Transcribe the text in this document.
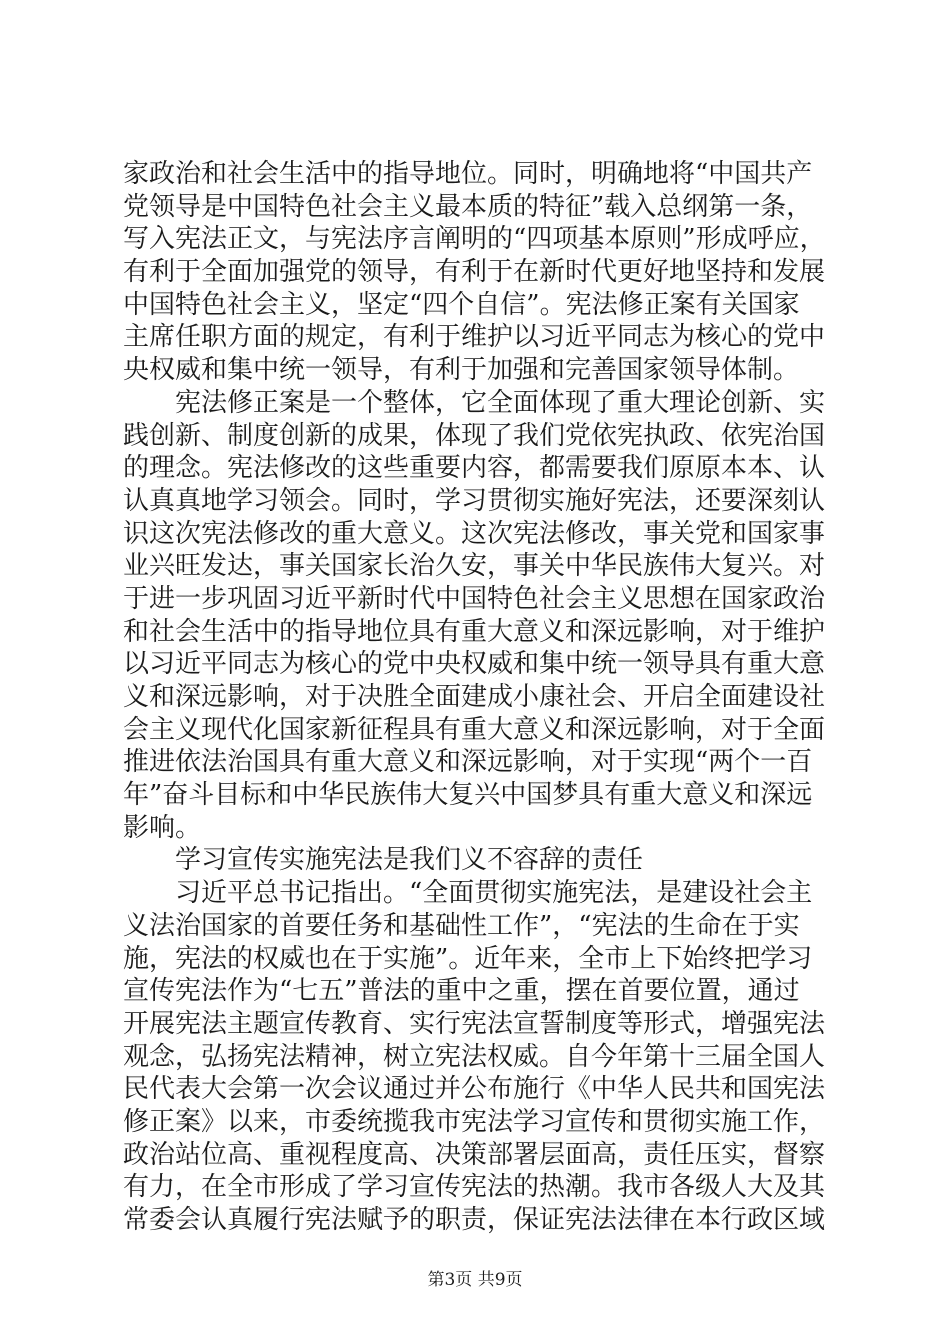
家政治和社会生活中的指导地位。同时，明确地将“中国共产
党领导是中国特色社会主义最本质的特征”载入总纲第一条，
写入宪法正文，与宪法序言阐明的“四项基本原则”形成呼应，
有利于全面加强党的领导，有利于在新时代更好地坚持和发展
中国特色社会主义，坚定“四个自信”。宪法修正案有关国家
主席任职方面的规定，有利于维护以习近平同志为核心的党中
央权威和集中统一领导，有利于加强和完善国家领导体制。
宪法修正案是一个整体，它全面体现了重大理论创新、实
践创新、制度创新的成果，体现了我们党依宪执政、依宪治国
的理念。宪法修改的这些重要内容，都需要我们原原本本、认
认真真地学习领会。同时，学习贯彻实施好宪法，还要深刻认
识这次宪法修改的重大意义。这次宪法修改，事关党和国家事
业兴旺发达，事关国家长治久安，事关中华民族伟大复兴。对
于进一步巩固习近平新时代中国特色社会主义思想在国家政治
和社会生活中的指导地位具有重大意义和深远影响，对于维护
以习近平同志为核心的党中央权威和集中统一领导具有重大意
义和深远影响，对于决胜全面建成小康社会、开启全面建设社
会主义现代化国家新征程具有重大意义和深远影响，对于全面
推进依法治国具有重大意义和深远影响，对于实现“两个一百
年”奋斗目标和中华民族伟大复兴中国梦具有重大意义和深远
影响。
学习宣传实施宪法是我们义不容辞的责任
习近平总书记指出。“全面贯彻实施宪法，是建设社会主
义法治国家的首要任务和基础性工作”，“宪法的生命在于实
施，宪法的权威也在于实施”。近年来，全市上下始终把学习
宣传宪法作为“七五”普法的重中之重，摆在首要位置，通过
开展宪法主题宣传教育、实行宪法宣誓制度等形式，增强宪法
观念，弘扬宪法精神，树立宪法权威。自今年第十三届全国人
民代表大会第一次会议通过并公布施行《中华人民共和国宪法
修正案》以来，市委统揽我市宪法学习宣传和贯彻实施工作，
政治站位高、重视程度高、决策部署层面高，责任压实，督察
有力，在全市形成了学习宣传宪法的热潮。我市各级人大及其
常委会认真履行宪法赋予的职责，保证宪法法律在本行政区域
第3页 共9页
